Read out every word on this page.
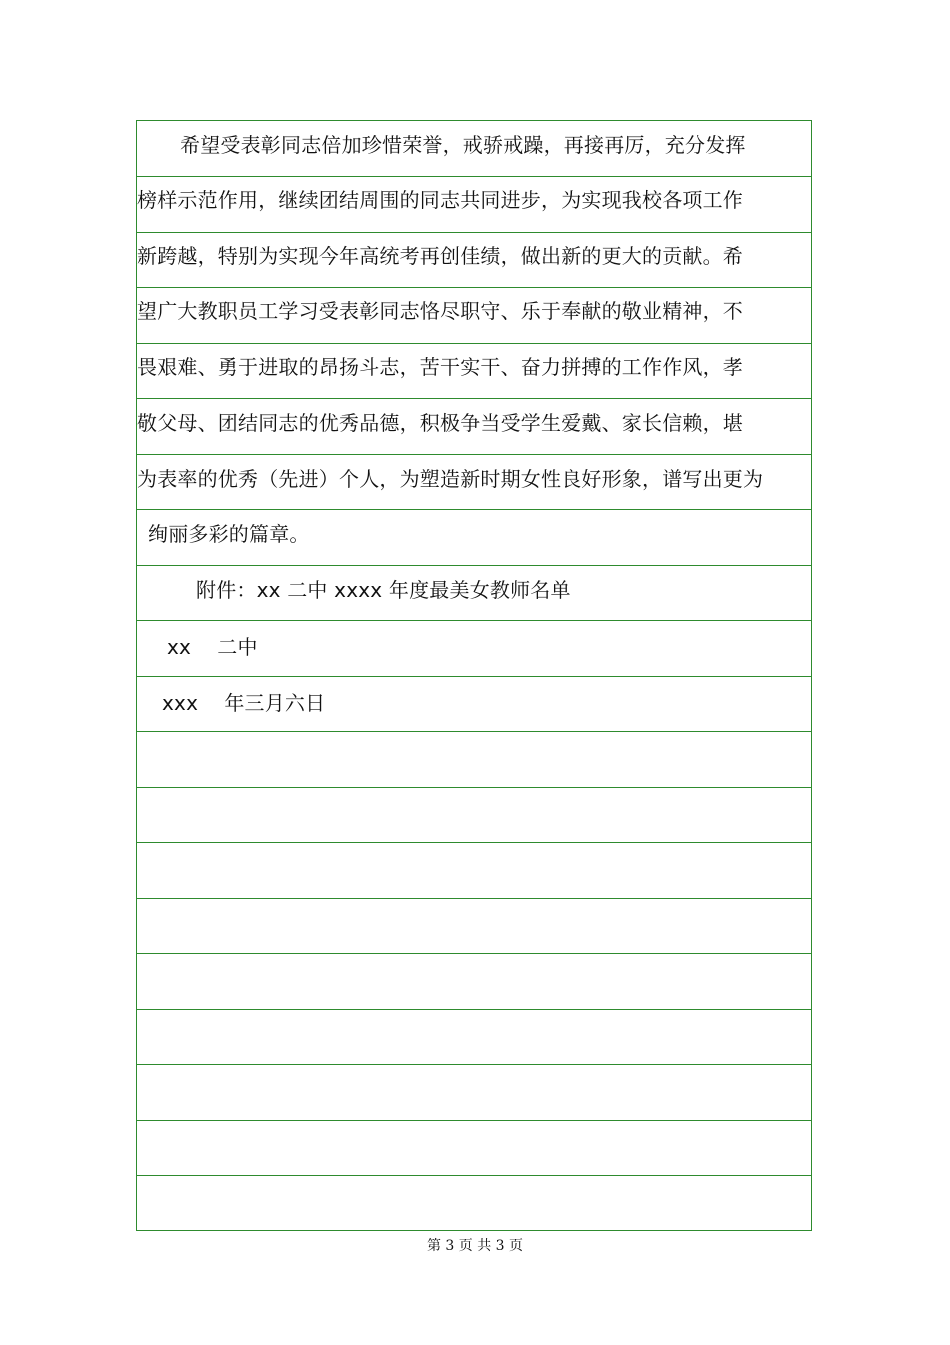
希望受表彰同志倍加珍惜荣誉，戒骄戒躁，再接再厉，充分发挥
榜样示范作用，继续团结周围的同志共同进步，为实现我校各项工作
新跨越，特别为实现今年高统考再创佳绩，做出新的更大的贡献。希
望广大教职员工学习受表彰同志恪尽职守、乐于奉献的敬业精神，不
畏艰难、勇于进取的昂扬斗志，苦干实干、奋力拼搏的工作作风，孝
敬父母、团结同志的优秀品德，积极争当受学生爱戴、家长信赖，堪
为表率的优秀（先进）个人，为塑造新时期女性良好形象，谱写出更为
绚丽多彩的篇章。
附件：xx 二中 xxxx 年度最美女教师名单
xx    二中
xxx    年三月六日
第 3 页 共 3 页
